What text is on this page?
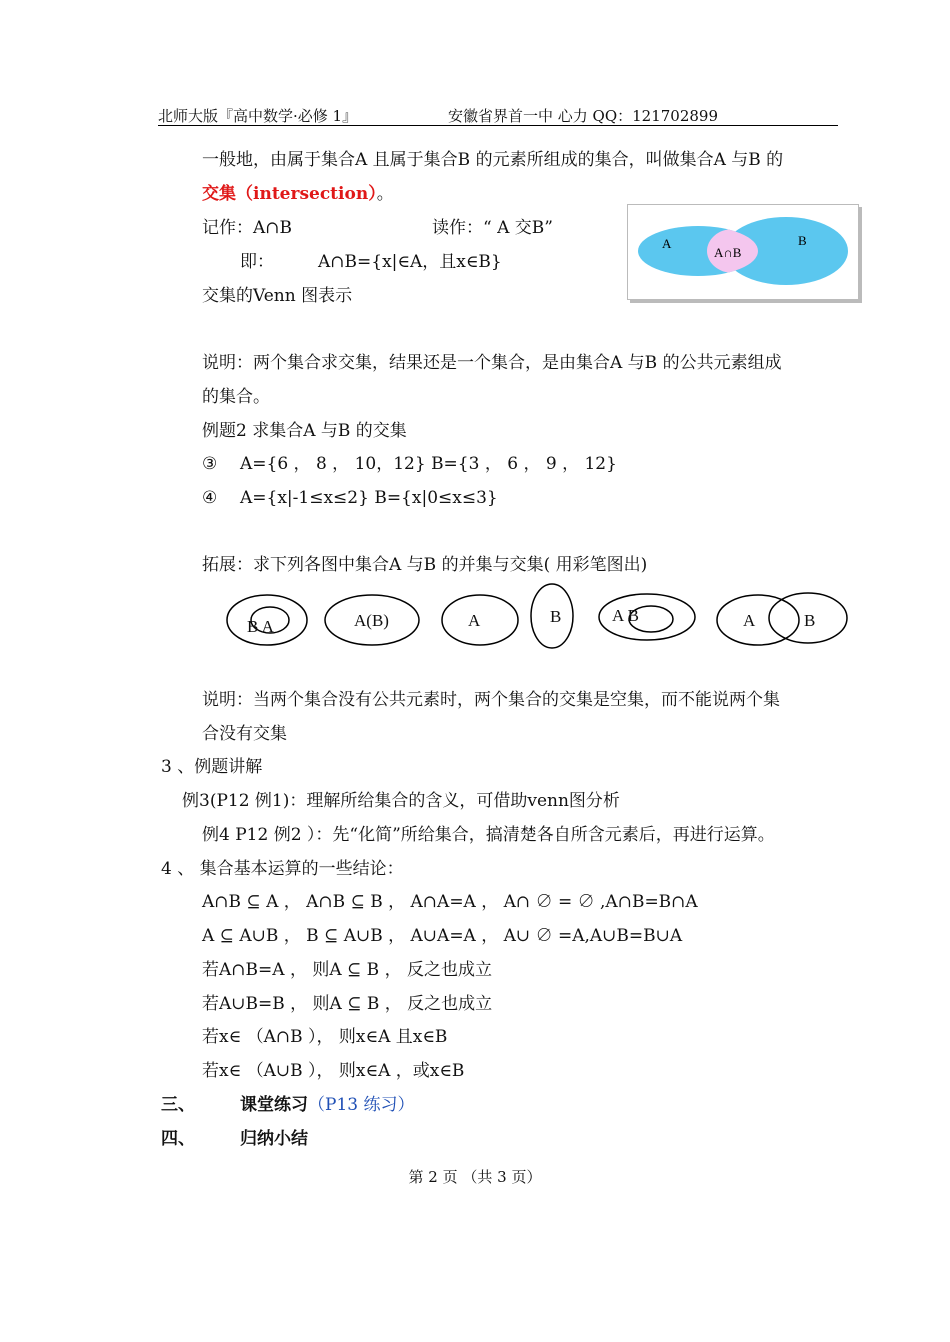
北师大版『高中数学·必修 1』	安徽省界首一中 心力 QQ：121702899
一般地，由属于集合A 且属于集合B 的元素所组成的集合，叫做集合A 与B 的
交集（intersection）。
记作：A∩B	读作：“ A 交B”
即：	A∩B={x|∈A，且x∈B}
交集的Venn 图表示
A	B
A∩B
说明：两个集合求交集，结果还是一个集合，是由集合A 与B 的公共元素组成
的集合。
例题2 求集合A 与B 的交集
③ A={6 ， 8 ， 10，12} B={3 ， 6 ， 9 ， 12}
④ A={x|-1≤x≤2} B={x|0≤x≤3}
拓展：求下列各图中集合A 与B 的并集与交集( 用彩笔图出)
B A	A(B)	A	B	A B	A	B
说明：当两个集合没有公共元素时，两个集合的交集是空集，而不能说两个集
合没有交集
3 、例题讲解
例3(P12 例1)：理解所给集合的含义，可借助venn图分析
例4 P12 例2 ）：先“化简”所给集合，搞清楚各自所含元素后，再进行运算。
4 、 集合基本运算的一些结论：
A∩B ⊆ A ， A∩B ⊆ B ， A∩A=A ， A∩ ∅ = ∅ ,A∩B=B∩A
A ⊆ A∪B ， B ⊆ A∪B ， A∪A=A ， A∪ ∅ =A,A∪B=B∪A
若A∩B=A ， 则A ⊆ B ， 反之也成立
若A∪B=B ， 则A ⊆ B ， 反之也成立
若x∈ （A∩B ）， 则x∈A 且x∈B
若x∈ （A∪B ）， 则x∈A ，或x∈B
三、	课堂练习（P13 练习）
四、	归纳小结
第 2 页 （共 3 页）
